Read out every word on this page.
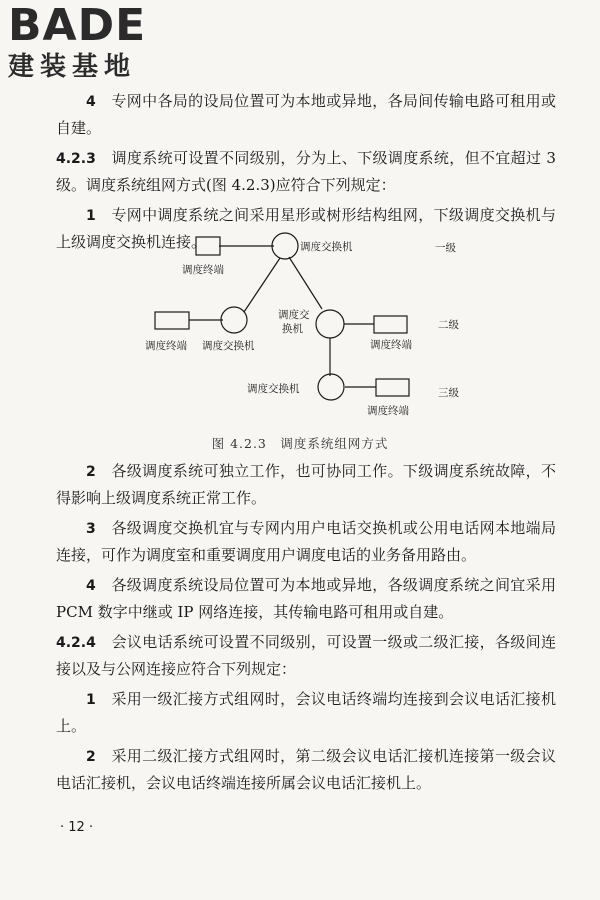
BADE
建装基地

4　 专网中各局的设局位置可为本地或异地，各局间传输电路可租用或自建。

4.2.3　 调度系统可设置不同级别，分为上、下级调度系统，但不宜超过 3 级。调度系统组网方式(图 4.2.3)应符合下列规定：

1　 专网中调度系统之间采用星形或树形结构组网，下级调度交换机与上级调度交换机连接。	调度交换机
调度终端
一级
调度交
换机
调度终端 调度交换机	调度终端
二级
调度交换机
调度终端
三级
图 4.2.3　调度系统组网方式

2　 各级调度系统可独立工作，也可协同工作。下级调度系统故障，不得影响上级调度系统正常工作。

3　 各级调度交换机宜与专网内用户电话交换机或公用电话网本地端局连接，可作为调度室和重要调度用户调度电话的业务备用路由。

4　 各级调度系统设局位置可为本地或异地，各级调度系统之间宜采用 PCM 数字中继或 IP 网络连接，其传输电路可租用或自建。

4.2.4　 会议电话系统可设置不同级别，可设置一级或二级汇接，各级间连接以及与公网连接应符合下列规定：

1　 采用一级汇接方式组网时，会议电话终端均连接到会议电话汇接机上。

2　 采用二级汇接方式组网时，第二级会议电话汇接机连接第一级会议电话汇接机，会议电话终端连接所属会议电话汇接机上。

· 12 ·
